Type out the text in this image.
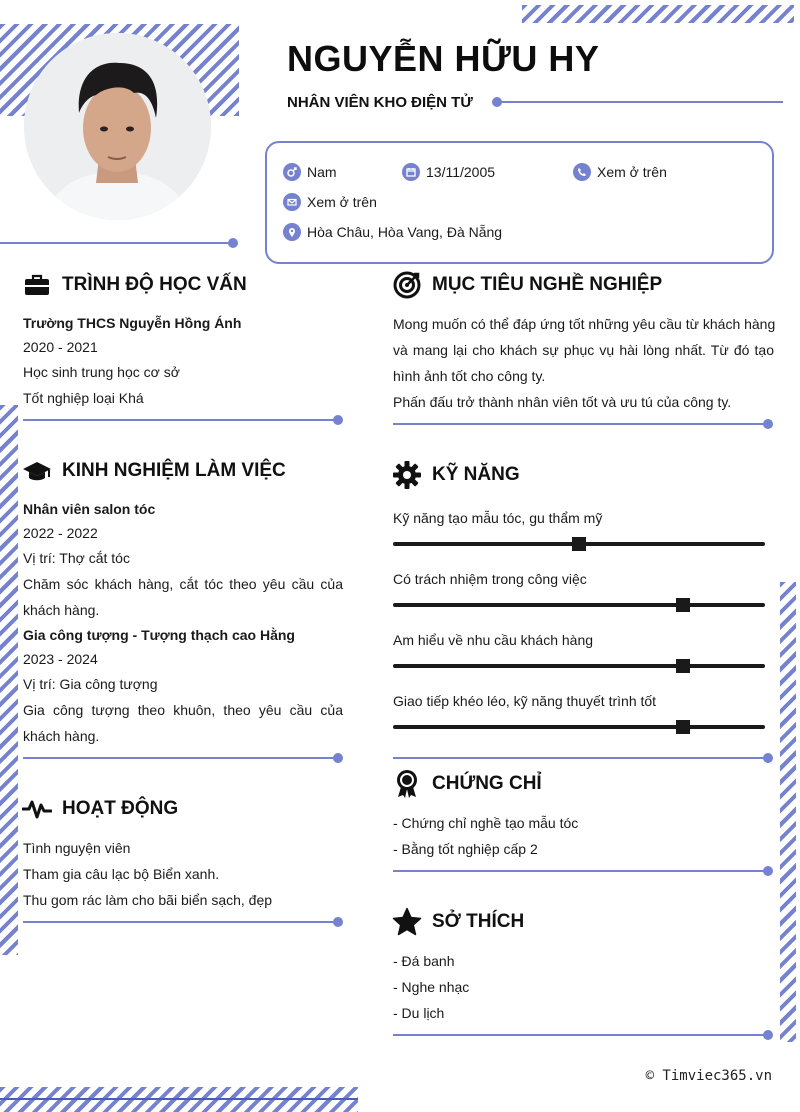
NGUYỄN HỮU HY
NHÂN VIÊN KHO ĐIỆN TỬ
Nam	13/11/2005	Xem ở trên
Xem ở trên
Hòa Châu, Hòa Vang, Đà Nẵng
TRÌNH ĐỘ HỌC VẤN
Trường THCS Nguyễn Hồng Ánh
2020 - 2021
Học sinh trung học cơ sở
Tốt nghiệp loại Khá
KINH NGHIỆM LÀM VIỆC
Nhân viên salon tóc
2022 - 2022
Vị trí: Thợ cắt tóc
Chăm sóc khách hàng, cắt tóc theo yêu cầu của
khách hàng.
Gia công tượng - Tượng thạch cao Hằng
2023 - 2024
Vị trí: Gia công tượng
Gia công tượng theo khuôn, theo yêu cầu của
khách hàng.
HOẠT ĐỘNG
Tình nguyện viên
Tham gia câu lạc bộ Biển xanh.
Thu gom rác làm cho bãi biển sạch, đẹp
MỤC TIÊU NGHỀ NGHIỆP
Mong muốn có thể đáp ứng tốt những yêu cầu từ khách hàng
và mang lại cho khách sự phục vụ hài lòng nhất. Từ đó tạo
hình ảnh tốt cho công ty.
Phấn đấu trở thành nhân viên tốt và ưu tú của công ty.
KỸ NĂNG
Kỹ năng tạo mẫu tóc, gu thẩm mỹ
Có trách nhiệm trong công việc
Am hiểu về nhu cầu khách hàng
Giao tiếp khéo léo, kỹ năng thuyết trình tốt
CHỨNG CHỈ
- Chứng chỉ nghề tạo mẫu tóc
- Bằng tốt nghiệp cấp 2
SỞ THÍCH
- Đá banh
- Nghe nhạc
- Du lịch
© Timviec365.vn
